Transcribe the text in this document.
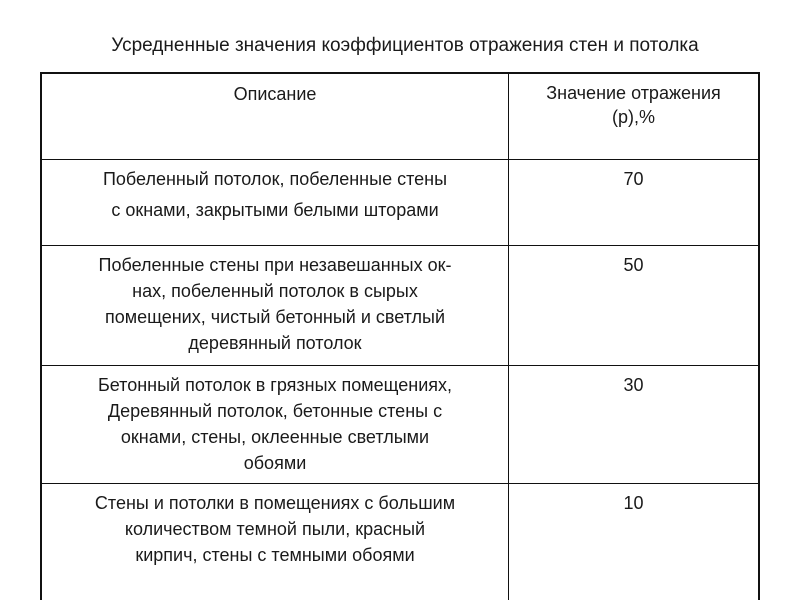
Усредненные значения коэффициентов отражения стен и потолка
Описание	Значение отражения
(р),%
Побеленный потолок, побеленные стены
с окнами, закрытыми белыми шторами
70
Побеленные стены при незавешанных ок-
нах, побеленный потолок в сырых
помещених, чистый бетонный и светлый
деревянный потолок
50
Бетонный потолок в грязных помещениях,
Деревянный потолок, бетонные стены с
окнами, стены, оклеенные светлыми
обоями
30
Стены и потолки в помещениях с большим
количеством темной пыли, красный
кирпич, стены с темными обоями
10
